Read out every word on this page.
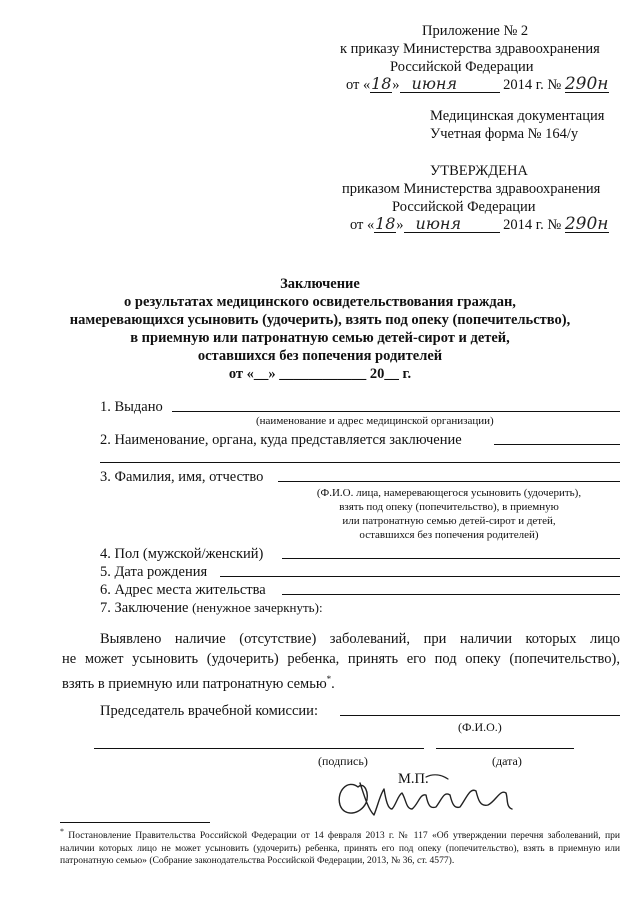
Приложение № 2
к приказу Министерства здравоохранения
Российской Федерации
от «18» июня	2014 г. № 290н
Медицинская документация
Учетная форма № 164/у
УТВЕРЖДЕНА
приказом Министерства здравоохранения
Российской Федерации
от «18» июня	2014 г. № 290н
Заключение
о результатах медицинского освидетельствования граждан,
намеревающихся усыновить (удочерить), взять под опеку (попечительство),
в приемную или патронатную семью детей-сирот и детей,
оставшихся без попечения родителей
от «__» ____________ 20__ г.
1. Выдано
(наименование и адрес медицинской организации)
2. Наименование, органа, куда представляется заключение
3. Фамилия, имя, отчество
(Ф.И.О. лица, намеревающегося усыновить (удочерить),
взять под опеку (попечительство), в приемную
или патронатную семью детей-сирот и детей,
оставшихся без попечения родителей)
4. Пол (мужской/женский)
5. Дата рождения
6. Адрес места жительства
7. Заключение (ненужное зачеркнуть):
Выявлено наличие (отсутствие) заболеваний, при наличии которых лицо
не может усыновить (удочерить) ребенка, принять его под опеку (попечительство),
взять в приемную или патронатную семью*.
Председатель врачебной комиссии:
(Ф.И.О.)
(подпись)	(дата)
М.П.
* Постановление Правительства Российской Федерации от 14 февраля 2013 г. № 117 «Об утверждении перечня заболеваний, при наличии которых лицо не может усыновить (удочерить) ребенка, принять его под опеку (попечительство), взять в приемную или патронатную семью» (Собрание законодательства Российской Федерации, 2013, № 36, ст. 4577).
